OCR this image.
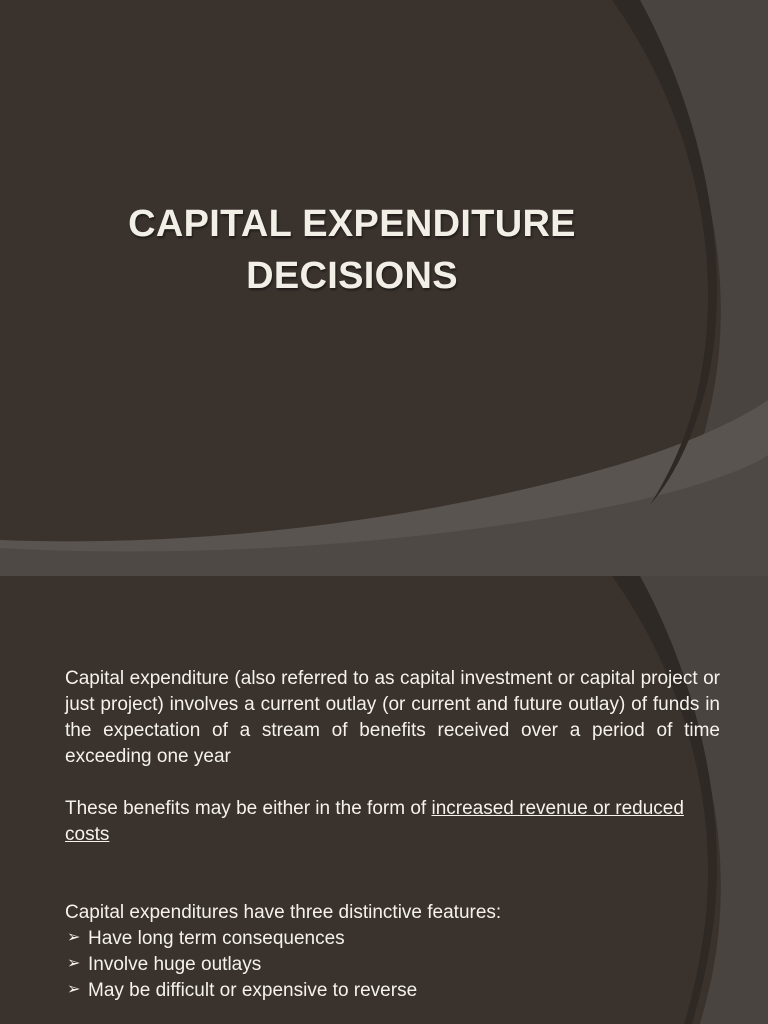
CAPITAL EXPENDITURE
DECISIONS

Capital expenditure (also referred to as capital investment or capital project or just project) involves a current outlay (or current and future outlay) of funds in the expectation of a stream of benefits received over a period of time exceeding one year

These benefits may be either in the form of increased revenue or reduced costs

Capital expenditures have three distinctive features:

➢ Have long term consequences
➢ Involve huge outlays
➢ May be difficult or expensive to reverse
